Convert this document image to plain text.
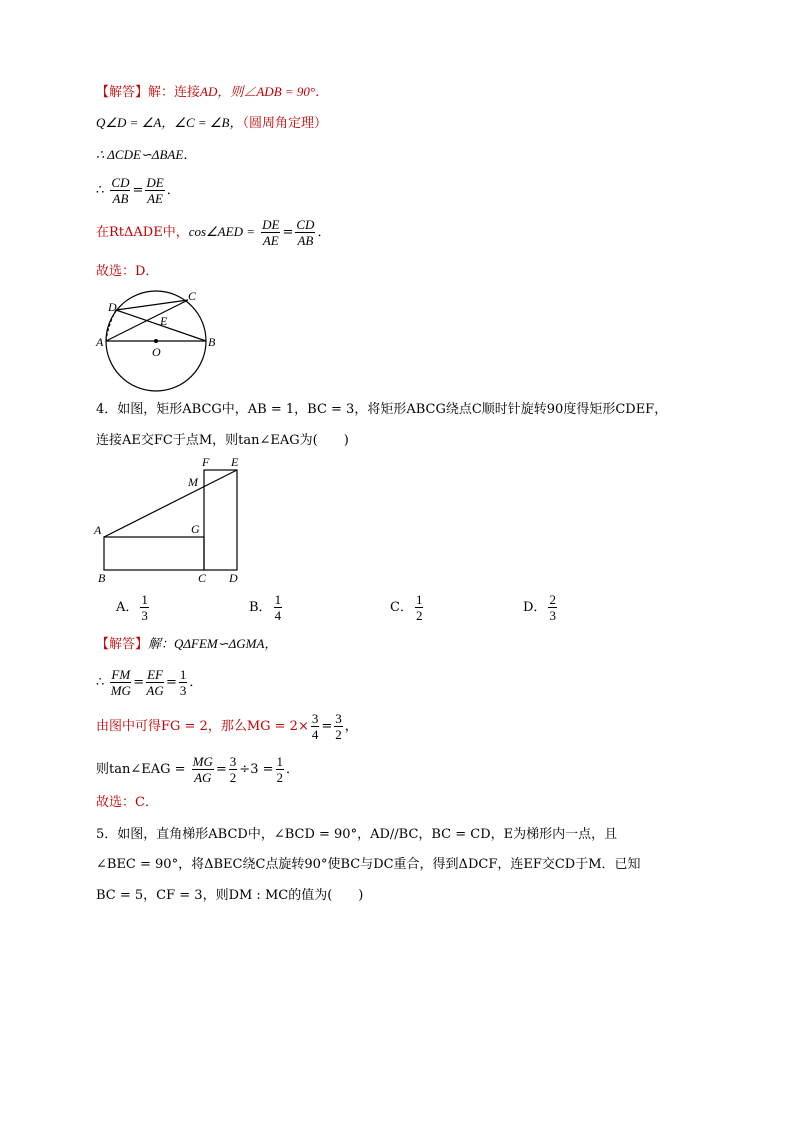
【解答】解：连接AD，则∠ADB = 90°．
Q∠D = ∠A，∠C = ∠B，（圆周角定理）
∴ ΔCDE∽ΔBAE．
∴ $\frac{CD}{AB} = \frac{DE}{AE}$ ．
在RtΔADE中，cos∠AED = $\frac{DE}{AE} = \frac{CD}{AB}$ ．
故选：D．
D
C
E
A
O
B
4．如图，矩形ABCG中，AB = 1，BC = 3，将矩形ABCG绕点C顺时针旋转90度得矩形CDEF，
连接AE交FC于点M，则tan∠EAG为(　　)
F E
M
A	G
B	C D
A． $\frac{1}{3}$	B． $\frac{1}{4}$	C． $\frac{1}{2}$	D． $\frac{2}{3}$
【解答】解：QΔFEM∽ΔGMA，
∴ $\frac{FM}{MG} = \frac{EF}{AG} = \frac{1}{3}$ ．
由图中可得FG = 2，那么MG = $2\times \frac{3}{4} = \frac{3}{2}$ ，
则tan∠EAG = $\frac{MG}{AG} = \frac{3}{2} \div 3 = \frac{1}{2}$ ．
故选：C．
5．如图，直角梯形ABCD中，∠BCD = 90°，AD//BC，BC = CD，E为梯形内一点，且
∠BEC = 90°，将ΔBEC绕C点旋转90°使BC与DC重合，得到ΔDCF，连EF交CD于M．已知
BC = 5，CF = 3，则DM : MC的值为(　　)
